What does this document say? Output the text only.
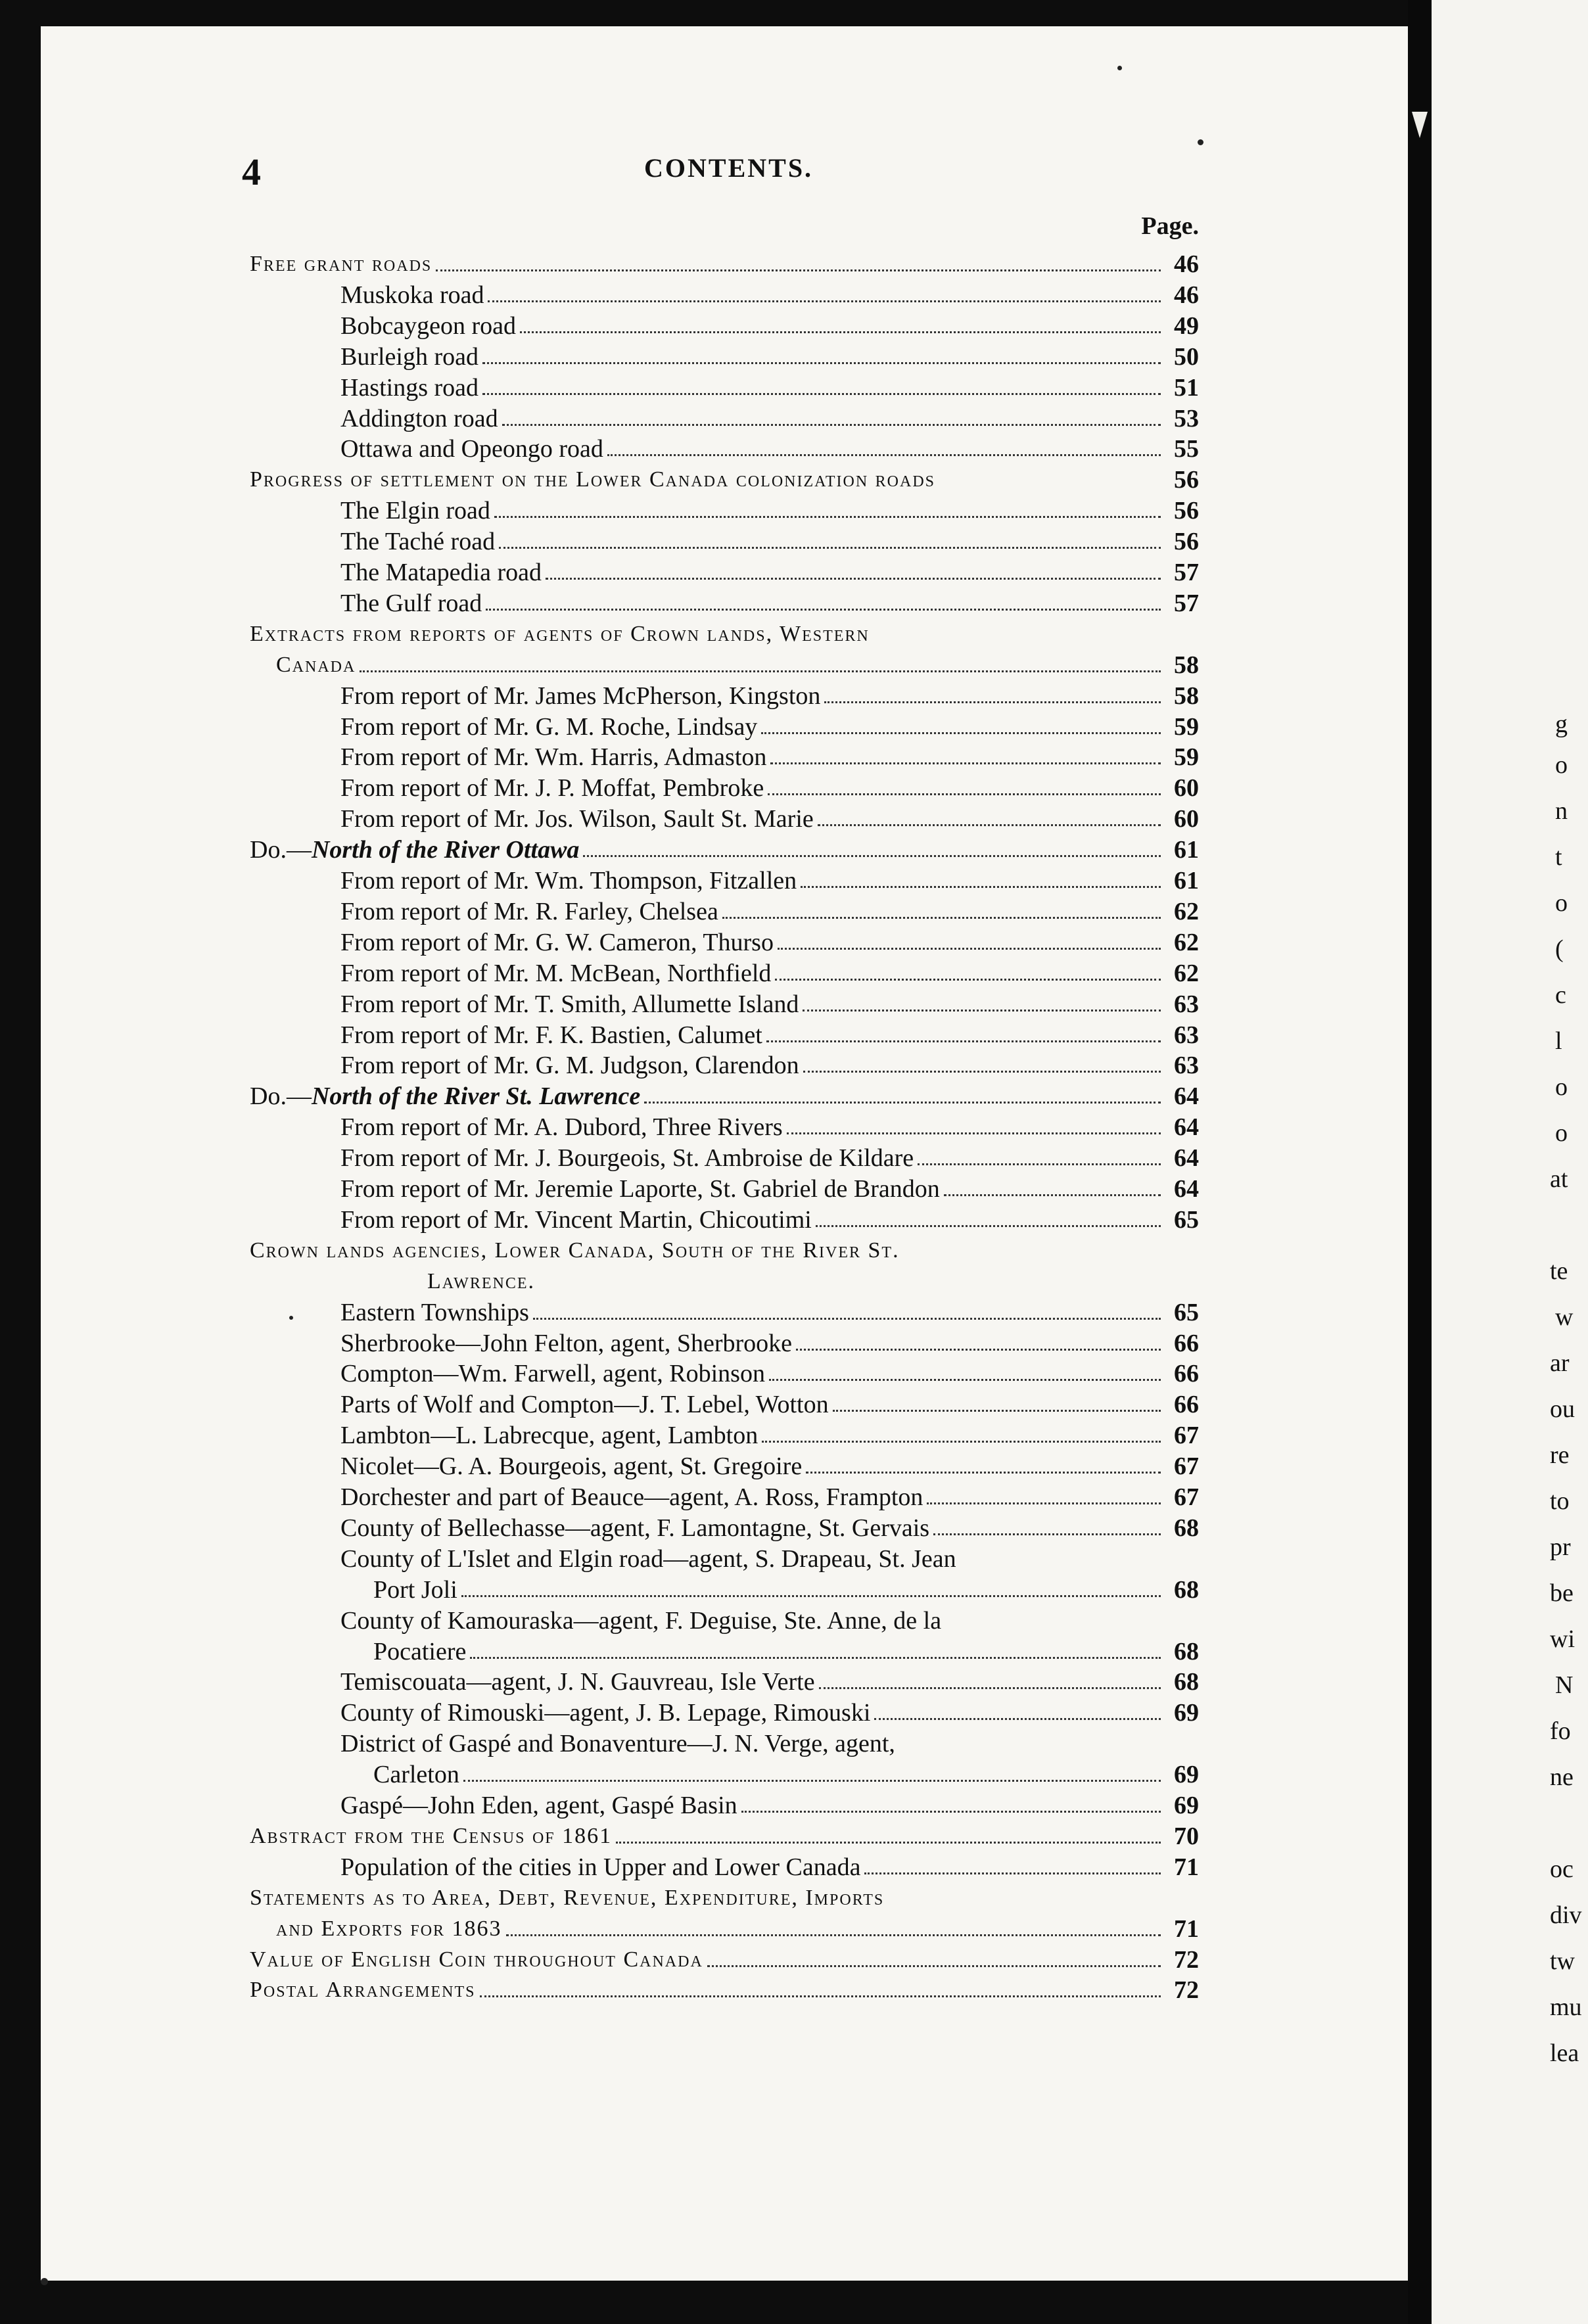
4	CONTENTS.
Page.
Free grant roads	46
Muskoka road	46
Bobcaygeon road	49
Burleigh road	50
Hastings road	51
Addington road	53
Ottawa and Opeongo road	55
Progress of settlement on the Lower Canada colonization roads	56
The Elgin road	56
The Taché road	56
The Matapedia road	57
The Gulf road	57
Extracts from reports of agents of Crown lands, Western
Canada	58
From report of Mr. James McPherson, Kingston	58
From report of Mr. G. M. Roche, Lindsay	59
From report of Mr. Wm. Harris, Admaston	59
From report of Mr. J. P. Moffat, Pembroke	60
From report of Mr. Jos. Wilson, Sault St. Marie	60
Do.— North of the River Ottawa	61
From report of Mr. Wm. Thompson, Fitzallen	61
From report of Mr. R. Farley, Chelsea	62
From report of Mr. G. W. Cameron, Thurso	62
From report of Mr. M. McBean, Northfield	62
From report of Mr. T. Smith, Allumette Island	63
From report of Mr. F. K. Bastien, Calumet	63
From report of Mr. G. M. Judgson, Clarendon	63
Do.— North of the River St. Lawrence	64
From report of Mr. A. Dubord, Three Rivers	64
From report of Mr. J. Bourgeois, St. Ambroise de Kildare	64
From report of Mr. Jeremie Laporte, St. Gabriel de Brandon	64
From report of Mr. Vincent Martin, Chicoutimi	65
Crown lands agencies, Lower Canada, South of the River St.
Lawrence.
Eastern Townships	65
Sherbrooke—John Felton, agent, Sherbrooke	66
Compton—Wm. Farwell, agent, Robinson	66
Parts of Wolf and Compton—J. T. Lebel, Wotton	66
Lambton—L. Labrecque, agent, Lambton	67
Nicolet—G. A. Bourgeois, agent, St. Gregoire	67
Dorchester and part of Beauce—agent, A. Ross, Frampton	67
County of Bellechasse—agent, F. Lamontagne, St. Gervais	68
County of L'Islet and Elgin road—agent, S. Drapeau, St. Jean
Port Joli	68
County of Kamouraska—agent, F. Deguise, Ste. Anne, de la
Pocatiere	68
Temiscouata—agent, J. N. Gauvreau, Isle Verte	68
County of Rimouski—agent, J. B. Lepage, Rimouski	69
District of Gaspé and Bonaventure—J. N. Verge, agent,
Carleton	69
Gaspé—John Eden, agent, Gaspé Basin	69
Abstract from the Census of 1861	70
Population of the cities in Upper and Lower Canada	71
Statements as to Area, Debt, Revenue, Expenditure, Imports
and Exports for 1863	71
Value of English Coin throughout Canada	72
Postal Arrangements	72
g
o
n
t
o
(
c
l
o
o
at
te
w
ar
ou
re
to
pr
be
wi
N
fo
ne
oc
div
tw
mu
lea
